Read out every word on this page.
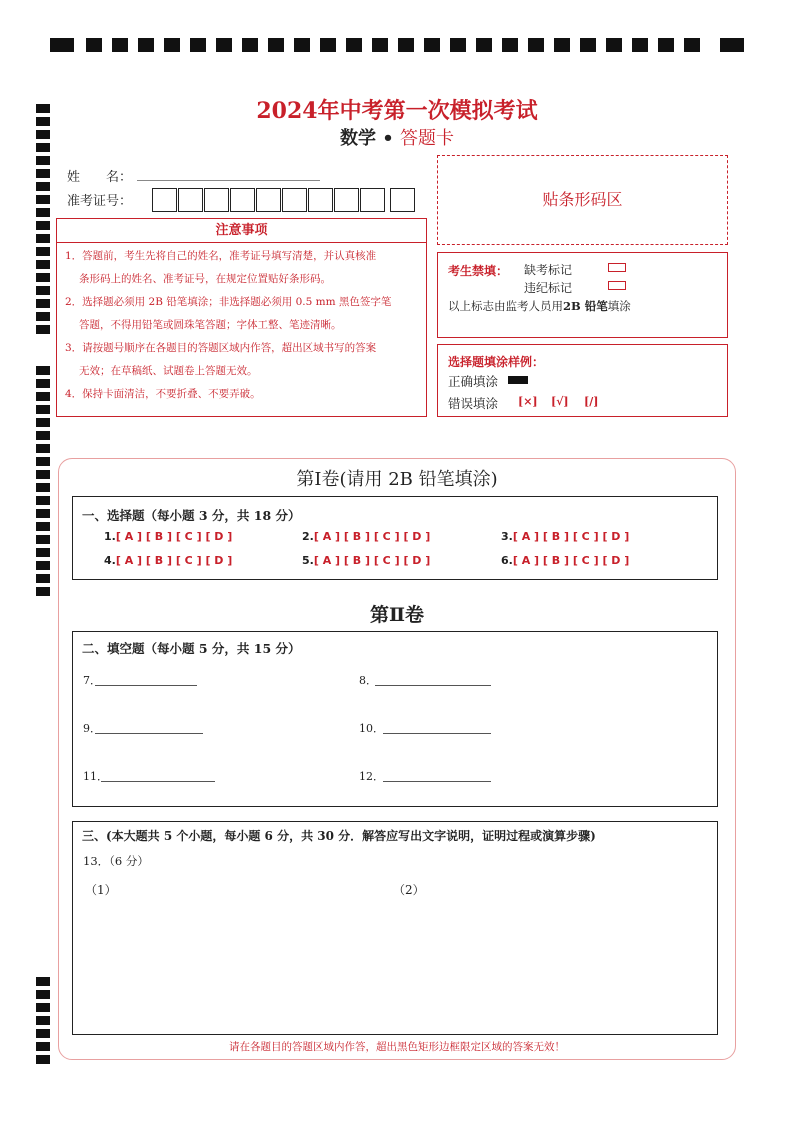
2024年中考第一次模拟考试
数学 • 答题卡
姓　　名：
准考证号：	贴条形码区
注意事项
1．答题前，考生先将自己的姓名，准考证号填写清楚，并认真核准
条形码上的姓名、准考证号，在规定位置贴好条形码。
2．选择题必须用 2B 铅笔填涂；非选择题必须用 0.5 mm 黑色签字笔
答题，不得用铅笔或圆珠笔答题；字体工整、笔迹清晰。
3．请按题号顺序在各题目的答题区域内作答，超出区域书写的答案
无效；在草稿纸、试题卷上答题无效。
4．保持卡面清洁，不要折叠、不要弄破。
考生禁填： 缺考标记
违纪标记
以上标志由监考人员用2B 铅笔填涂
选择题填涂样例：
正确填涂
错误填涂 [×] [√] [/]
第Ⅰ卷(请用 2B 铅笔填涂)
一、选择题（每小题 3 分，共 18 分）
1.[ A ] [ B ] [ C ] [ D ]	2.[ A ] [ B ] [ C ] [ D ]	3.[ A ] [ B ] [ C ] [ D ]
4.[ A ] [ B ] [ C ] [ D ]	5.[ A ] [ B ] [ C ] [ D ]	6.[ A ] [ B ] [ C ] [ D ]
第Ⅱ卷
二、填空题（每小题 5 分，共 15 分）
7．	8．
9．	10．
11．	12．
三、(本大题共 5 个小题，每小题 6 分，共 30 分．解答应写出文字说明，证明过程或演算步骤)
13．（6 分）
（1）	（2）
请在各题目的答题区域内作答，超出黑色矩形边框限定区域的答案无效！
